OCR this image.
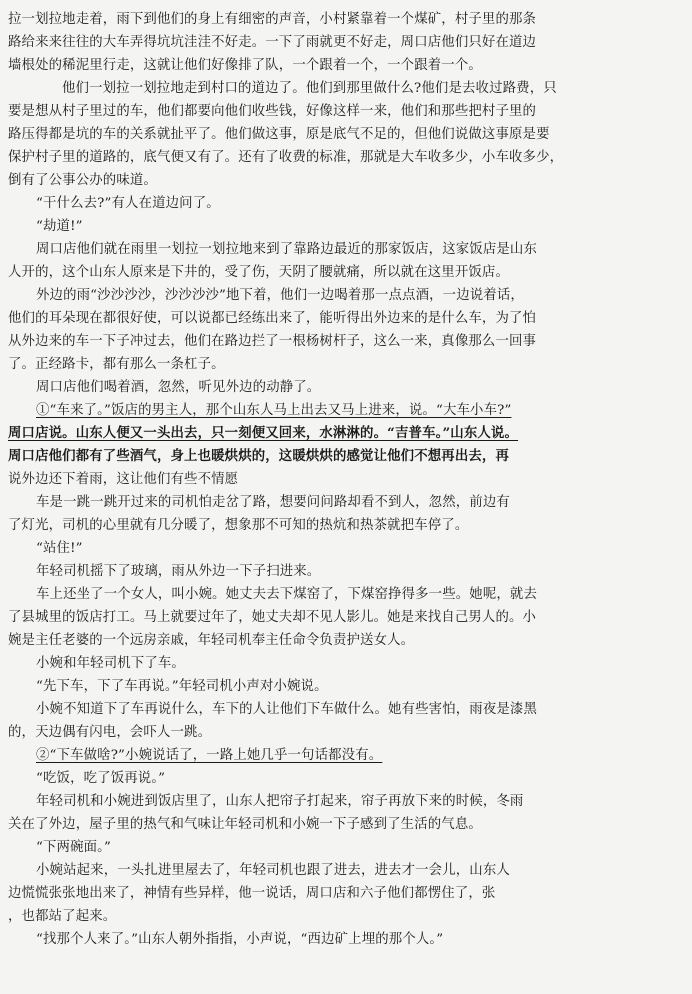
拉一划拉地走着，雨下到他们的身上有细密的声音，小村紧靠着一个煤矿，村子里的那条
路给来来往往的大车弄得坑坑洼洼不好走。一下了雨就更不好走，周口店他们只好在道边
墙根处的稀泥里行走，这就让他们好像排了队，一个跟着一个，一个跟着一个。
他们一划拉一划拉地走到村口的道边了。他们到那里做什么?他们是去收过路费，只
要是想从村子里过的车，他们都要向他们收些钱，好像这样一来，他们和那些把村子里的
路压得都是坑的车的关系就扯平了。他们做这事，原是底气不足的，但他们说做这事原是要
保护村子里的道路的，底气便又有了。还有了收费的标准，那就是大车收多少，小车收多少，
倒有了公事公办的味道。
“干什么去?”有人在道边问了。
“劫道!”
周口店他们就在雨里一划拉一划拉地来到了靠路边最近的那家饭店，这家饭店是山东
人开的，这个山东人原来是下井的，受了伤，天阴了腰就痛，所以就在这里开饭店。
外边的雨“沙沙沙沙，沙沙沙沙”地下着，他们一边喝着那一点点酒，一边说着话，
他们的耳朵现在都很好使，可以说都已经练出来了，能听得出外边来的是什么车，为了怕
从外边来的车一下子冲过去，他们在路边拦了一根杨树杆子，这么一来，真像那么一回事
了。正经路卡，都有那么一条杠子。
周口店他们喝着酒，忽然，听见外边的动静了。
①“车来了。”饭店的男主人，那个山东人马上出去又马上进来，说。“大车小车?”
周口店说。山东人便又一头出去，只一刻便又回来，水淋淋的。“吉普车。”山东人说。
周口店他们都有了些酒气，身上也暖烘烘的，这暖烘烘的感觉让他们不想再出去，再
说外边还下着雨，这让他们有些不情愿
车是一跳一跳开过来的司机怕走岔了路，想要问问路却看不到人，忽然，前边有
了灯光，司机的心里就有几分暖了，想象那不可知的热炕和热茶就把车停了。
“站住!”
年轻司机摇下了玻璃，雨从外边一下子扫进来。
车上还坐了一个女人，叫小婉。她丈夫去下煤窑了，下煤窑挣得多一些。她呢，就去
了县城里的饭店打工。马上就要过年了，她丈夫却不见人影儿。她是来找自己男人的。小
婉是主任老婆的一个远房亲戚，年轻司机奉主任命令负责护送女人。
小婉和年轻司机下了车。
“先下车，下了车再说。”年轻司机小声对小婉说。
小婉不知道下了车再说什么，车下的人让他们下车做什么。她有些害怕，雨夜是漆黑
的，天边偶有闪电，会吓人一跳。
②“下车做啥?”小婉说话了，一路上她几乎一句话都没有。
“吃饭，吃了饭再说。”
年轻司机和小婉进到饭店里了，山东人把帘子打起来，帘子再放下来的时候，冬雨
关在了外边，屋子里的热气和气味让年轻司机和小婉一下子感到了生活的气息。
“下两碗面。”
小婉站起来，一头扎进里屋去了，年轻司机也跟了进去，进去才一会儿，山东人
边慌慌张张地出来了，神情有些异样，他一说话，周口店和六子他们都愣住了，张
，也都站了起来。
“找那个人来了。”山东人朝外指指，小声说，“西边矿上埋的那个人。”
